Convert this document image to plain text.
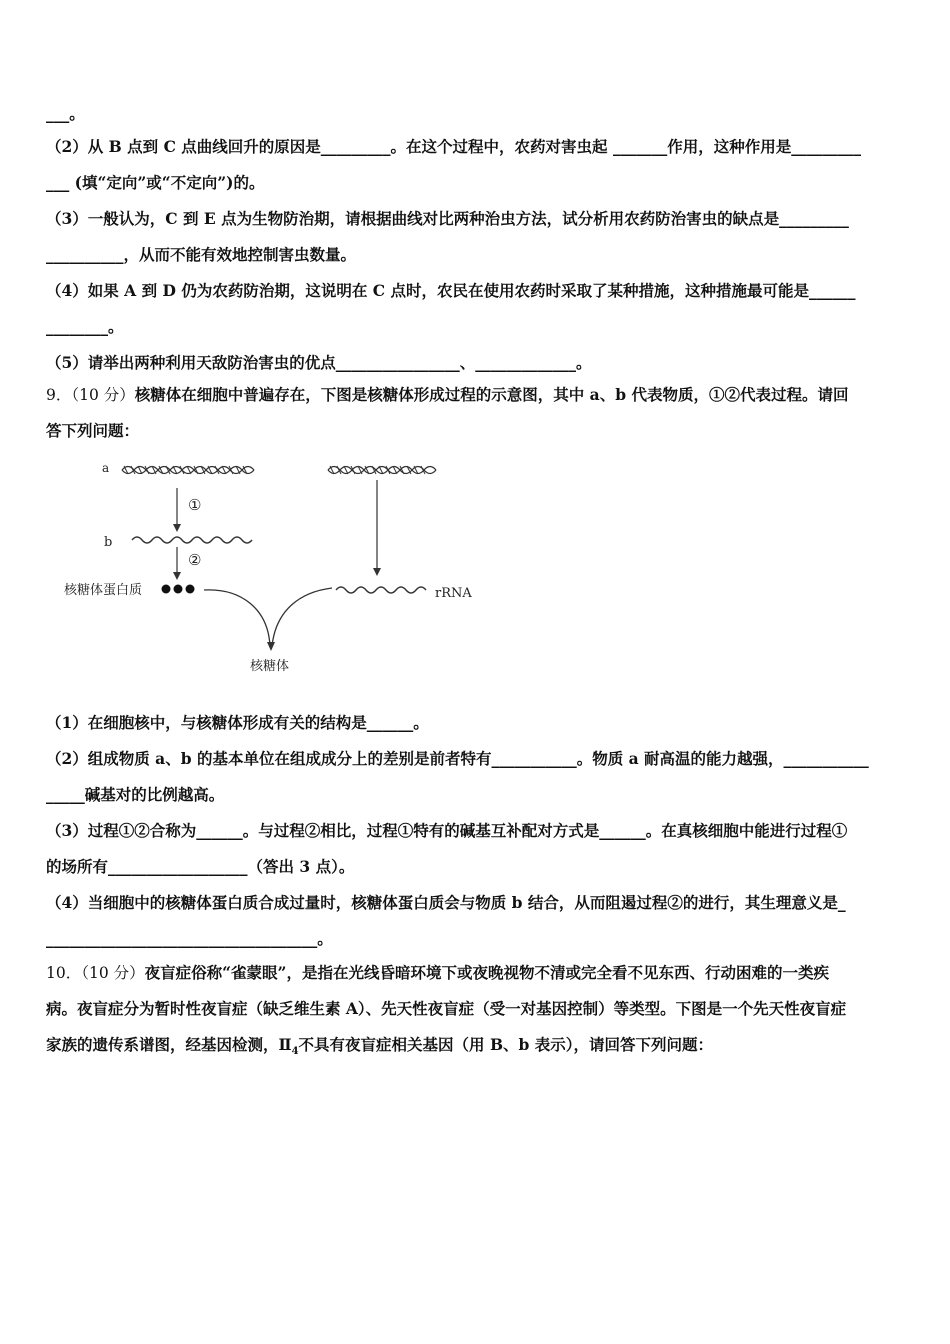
___。
（2）从 B 点到 C 点曲线回升的原因是_________。在这个过程中，农药对害虫起 _______作用，这种作用是_________
___ (填“定向”或“不定向”)的。
（3）一般认为，C 到 E 点为生物防治期，请根据曲线对比两种治虫方法，试分析用农药防治害虫的缺点是_________
__________，从而不能有效地控制害虫数量。
（4）如果 A 到 D 仍为农药防治期，这说明在 C 点时，农民在使用农药时采取了某种措施，这种措施最可能是______
________。
（5）请举出两种利用天敌防治害虫的优点________________、_____________。
9．（10 分）核糖体在细胞中普遍存在，下图是核糖体形成过程的示意图，其中 a、b 代表物质，①②代表过程。请回
答下列问题：
a
b
①
②
核糖体蛋白质	rRNA
核糖体
（1）在细胞核中，与核糖体形成有关的结构是______。
（2）组成物质 a、b 的基本单位在组成成分上的差别是前者特有___________。物质 a 耐高温的能力越强，___________
_____碱基对的比例越高。
（3）过程①②合称为______。与过程②相比，过程①特有的碱基互补配对方式是______。在真核细胞中能进行过程①
的场所有__________________（答出 3 点）。
（4）当细胞中的核糖体蛋白质合成过量时，核糖体蛋白质会与物质 b 结合，从而阻遏过程②的进行，其生理意义是_
___________________________________。
10．（10 分）夜盲症俗称“雀蒙眼”，是指在光线昏暗环境下或夜晚视物不清或完全看不见东西、行动困难的一类疾
病。夜盲症分为暂时性夜盲症（缺乏维生素 A）、先天性夜盲症（受一对基因控制）等类型。下图是一个先天性夜盲症
家族的遗传系谱图，经基因检测，$Ⅱ_4$不具有夜盲症相关基因（用 B、b 表示），请回答下列问题：
